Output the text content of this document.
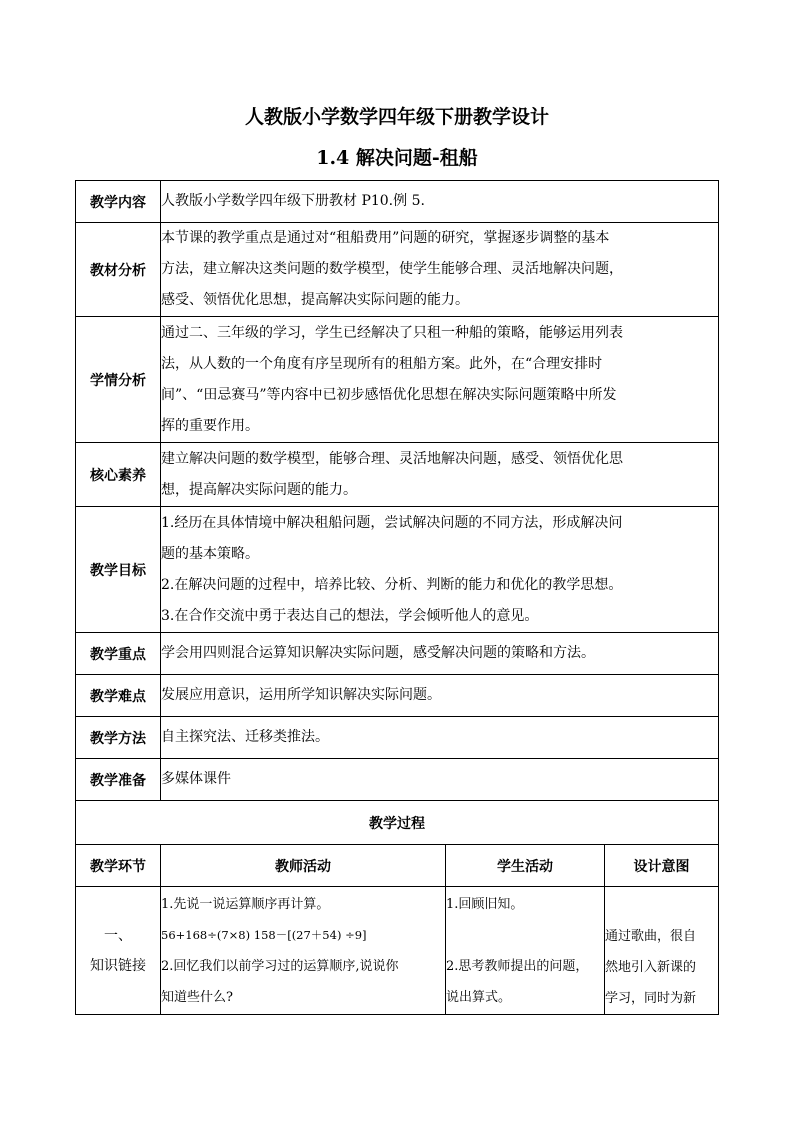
人教版小学数学四年级下册教学设计
1.4 解决问题-租船
教学内容	人教版小学数学四年级下册教材 P10.例 5.		

教材分析	本节课的教学重点是通过对“租船费用”问题的研究，掌握逐步调整的基本
方法，建立解决这类问题的数学模型，使学生能够合理、灵活地解决问题，
感受、领悟优化思想，提高解决实际问题的能力。		

学情分析	通过二、三年级的学习，学生已经解决了只租一种船的策略，能够运用列表
法，从人数的一个角度有序呈现所有的租船方案。此外，在“合理安排时
间”、“田忌赛马”等内容中已初步感悟优化思想在解决实际问题策略中所发
挥的重要作用。		

核心素养	建立解决问题的数学模型，能够合理、灵活地解决问题，感受、领悟优化思
想，提高解决实际问题的能力。		

教学目标	1.经历在具体情境中解决租船问题，尝试解决问题的不同方法，形成解决问
题的基本策略。
2.在解决问题的过程中，培养比较、分析、判断的能力和优化的教学思想。
3.在合作交流中勇于表达自己的想法，学会倾听他人的意见。		

教学重点	学会用四则混合运算知识解决实际问题，感受解决问题的策略和方法。		

教学难点	发展应用意识，运用所学知识解决实际问题。		

教学方法	自主探究法、迁移类推法。		

教学准备	多媒体课件		

教学过程			
教学环节	教师活动	学生活动	设计意图

一、
知识链接	1.先说一说运算顺序再计算。
56+168÷(7×8) 158－[(27＋54) ÷9]
2.回忆我们以前学习过的运算顺序,说说你
知道些什么?	1.回顾旧知。
2.思考教师提出的问题，
说出算式。	通过歌曲，很自
然地引入新课的
学习，同时为新
